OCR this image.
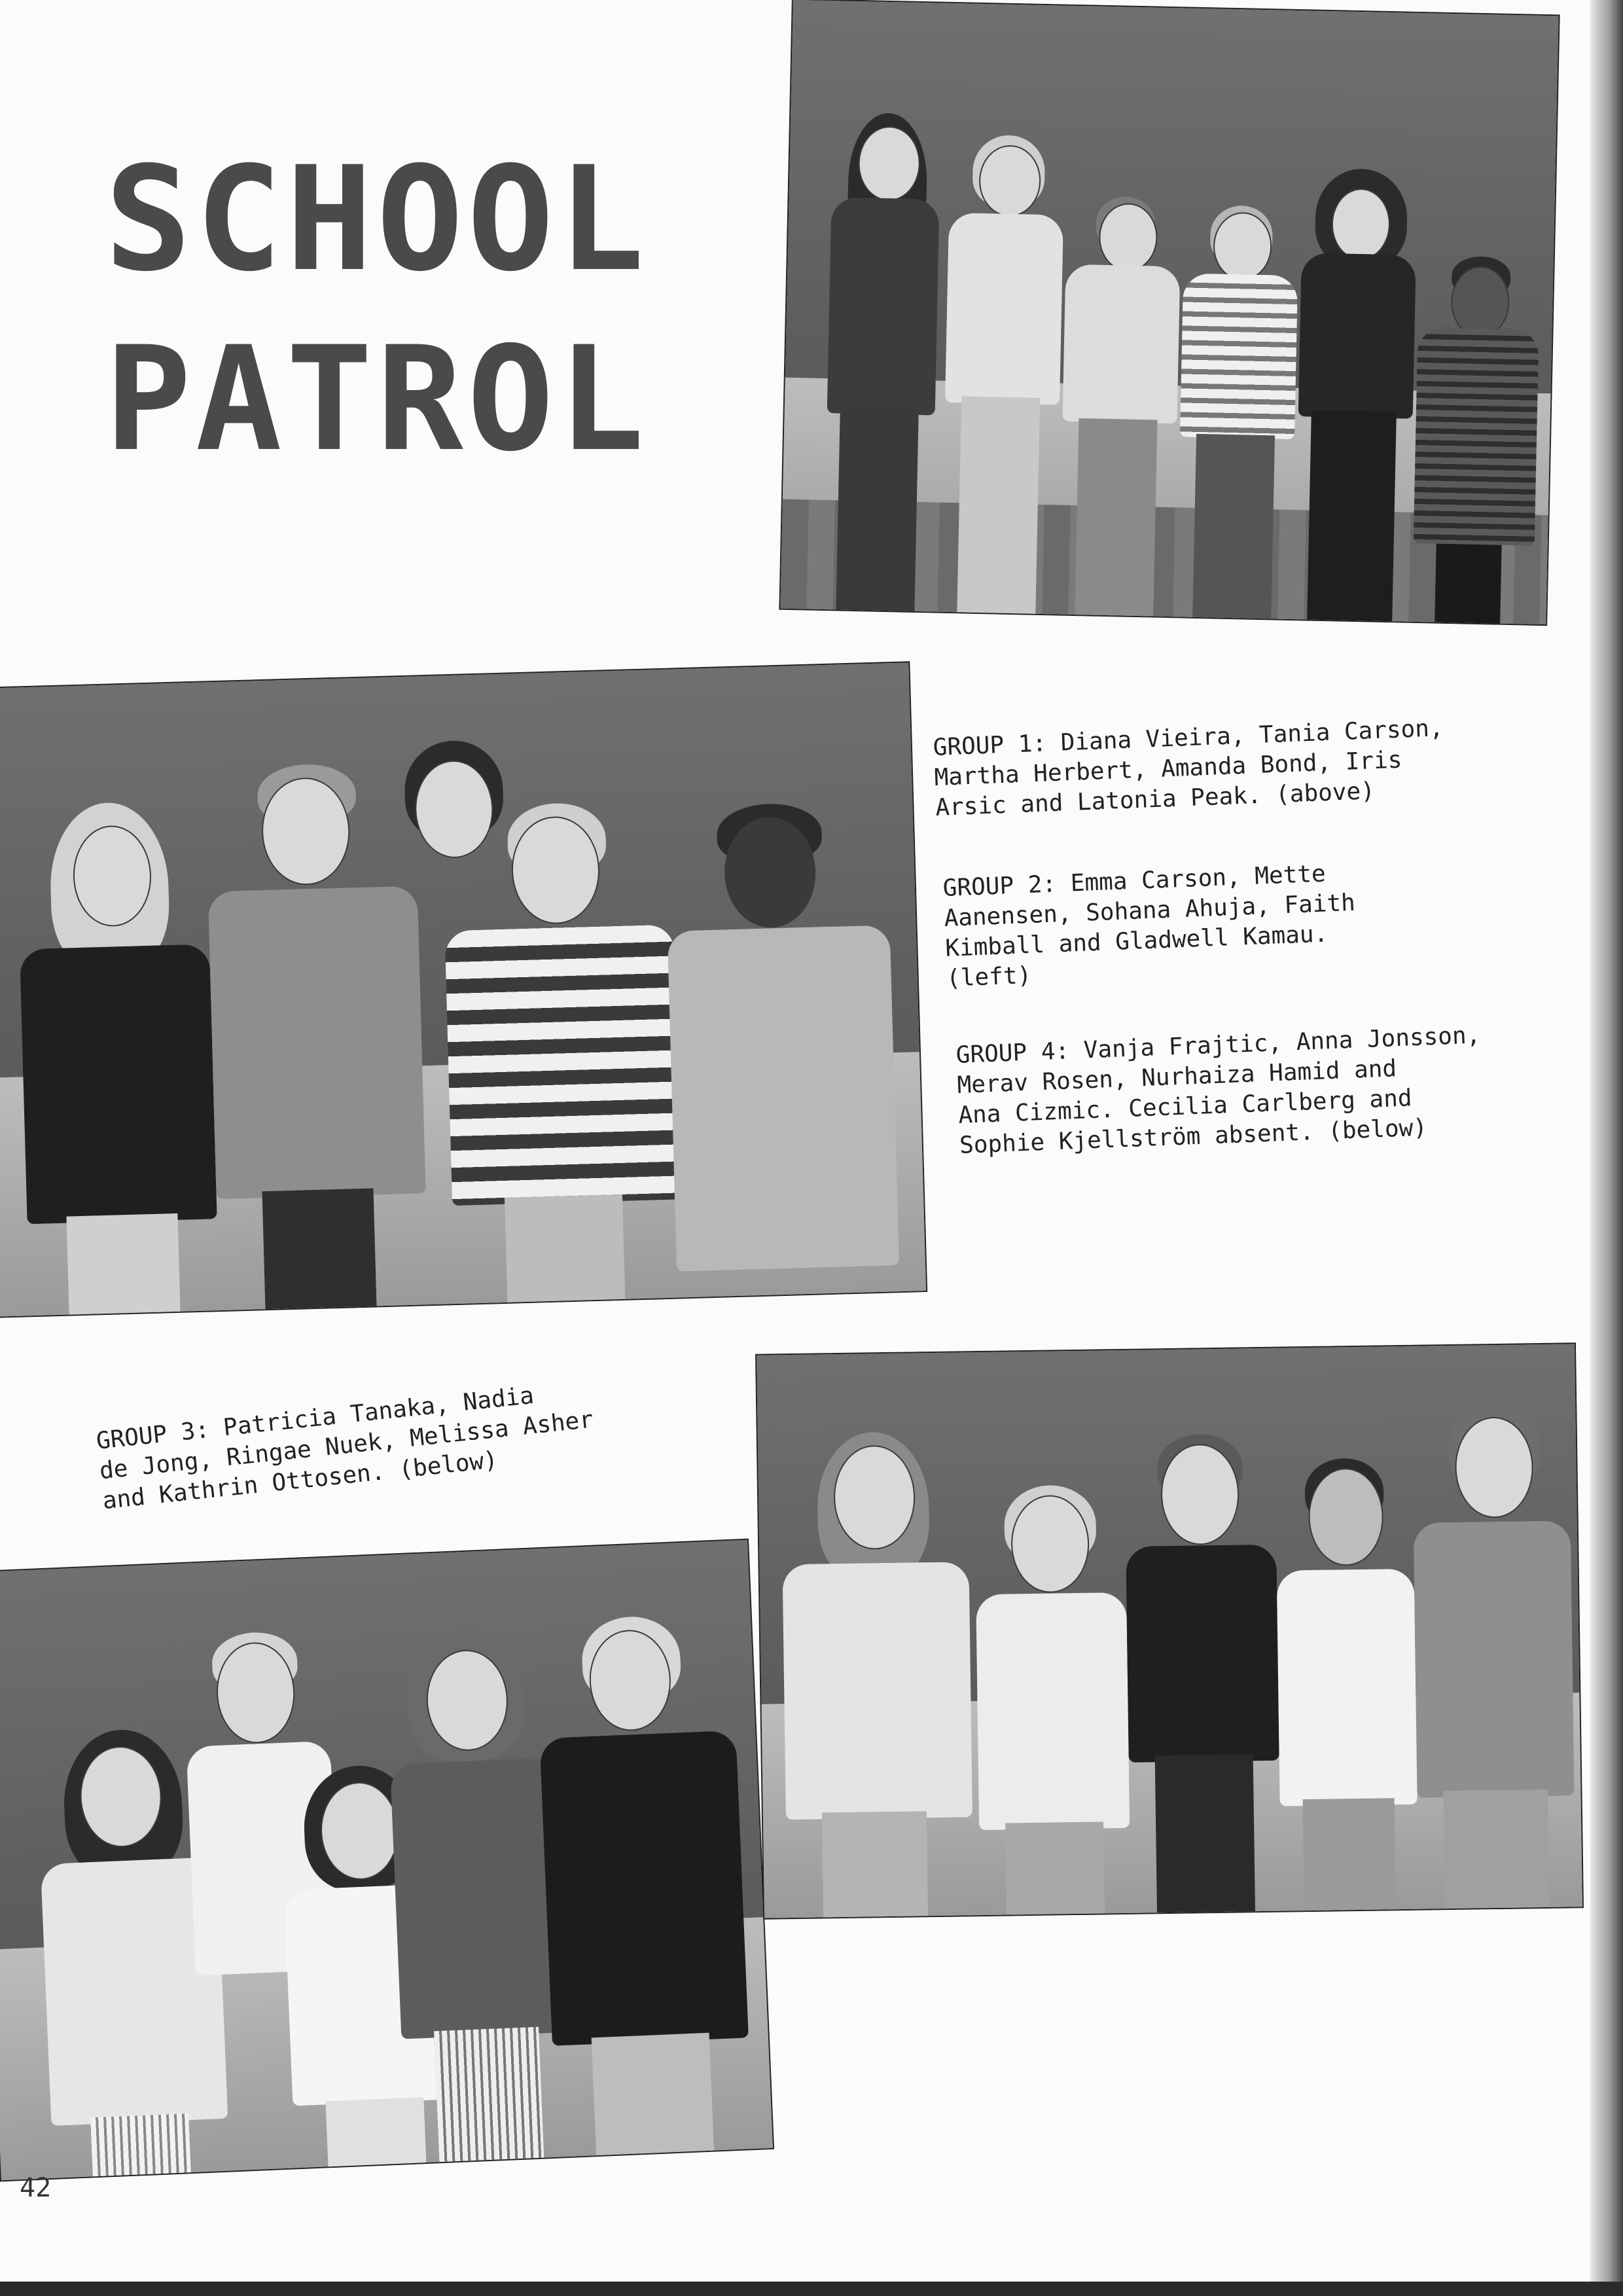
SCHOOL
PATROL
GROUP 1: Diana Vieira, Tania Carson,
Martha Herbert, Amanda Bond, Iris
Arsic and Latonia Peak. (above)
GROUP 2: Emma Carson, Mette
Aanensen, Sohana Ahuja, Faith
Kimball and Gladwell Kamau.
(left)
GROUP 4: Vanja Frajtic, Anna Jonsson,
Merav Rosen, Nurhaiza Hamid and
Ana Cizmic. Cecilia Carlberg and
Sophie Kjellström absent. (below)
GROUP 3: Patricia Tanaka, Nadia
de Jong, Ringae Nuek, Melissa Asher
and Kathrin Ottosen. (below)
42
